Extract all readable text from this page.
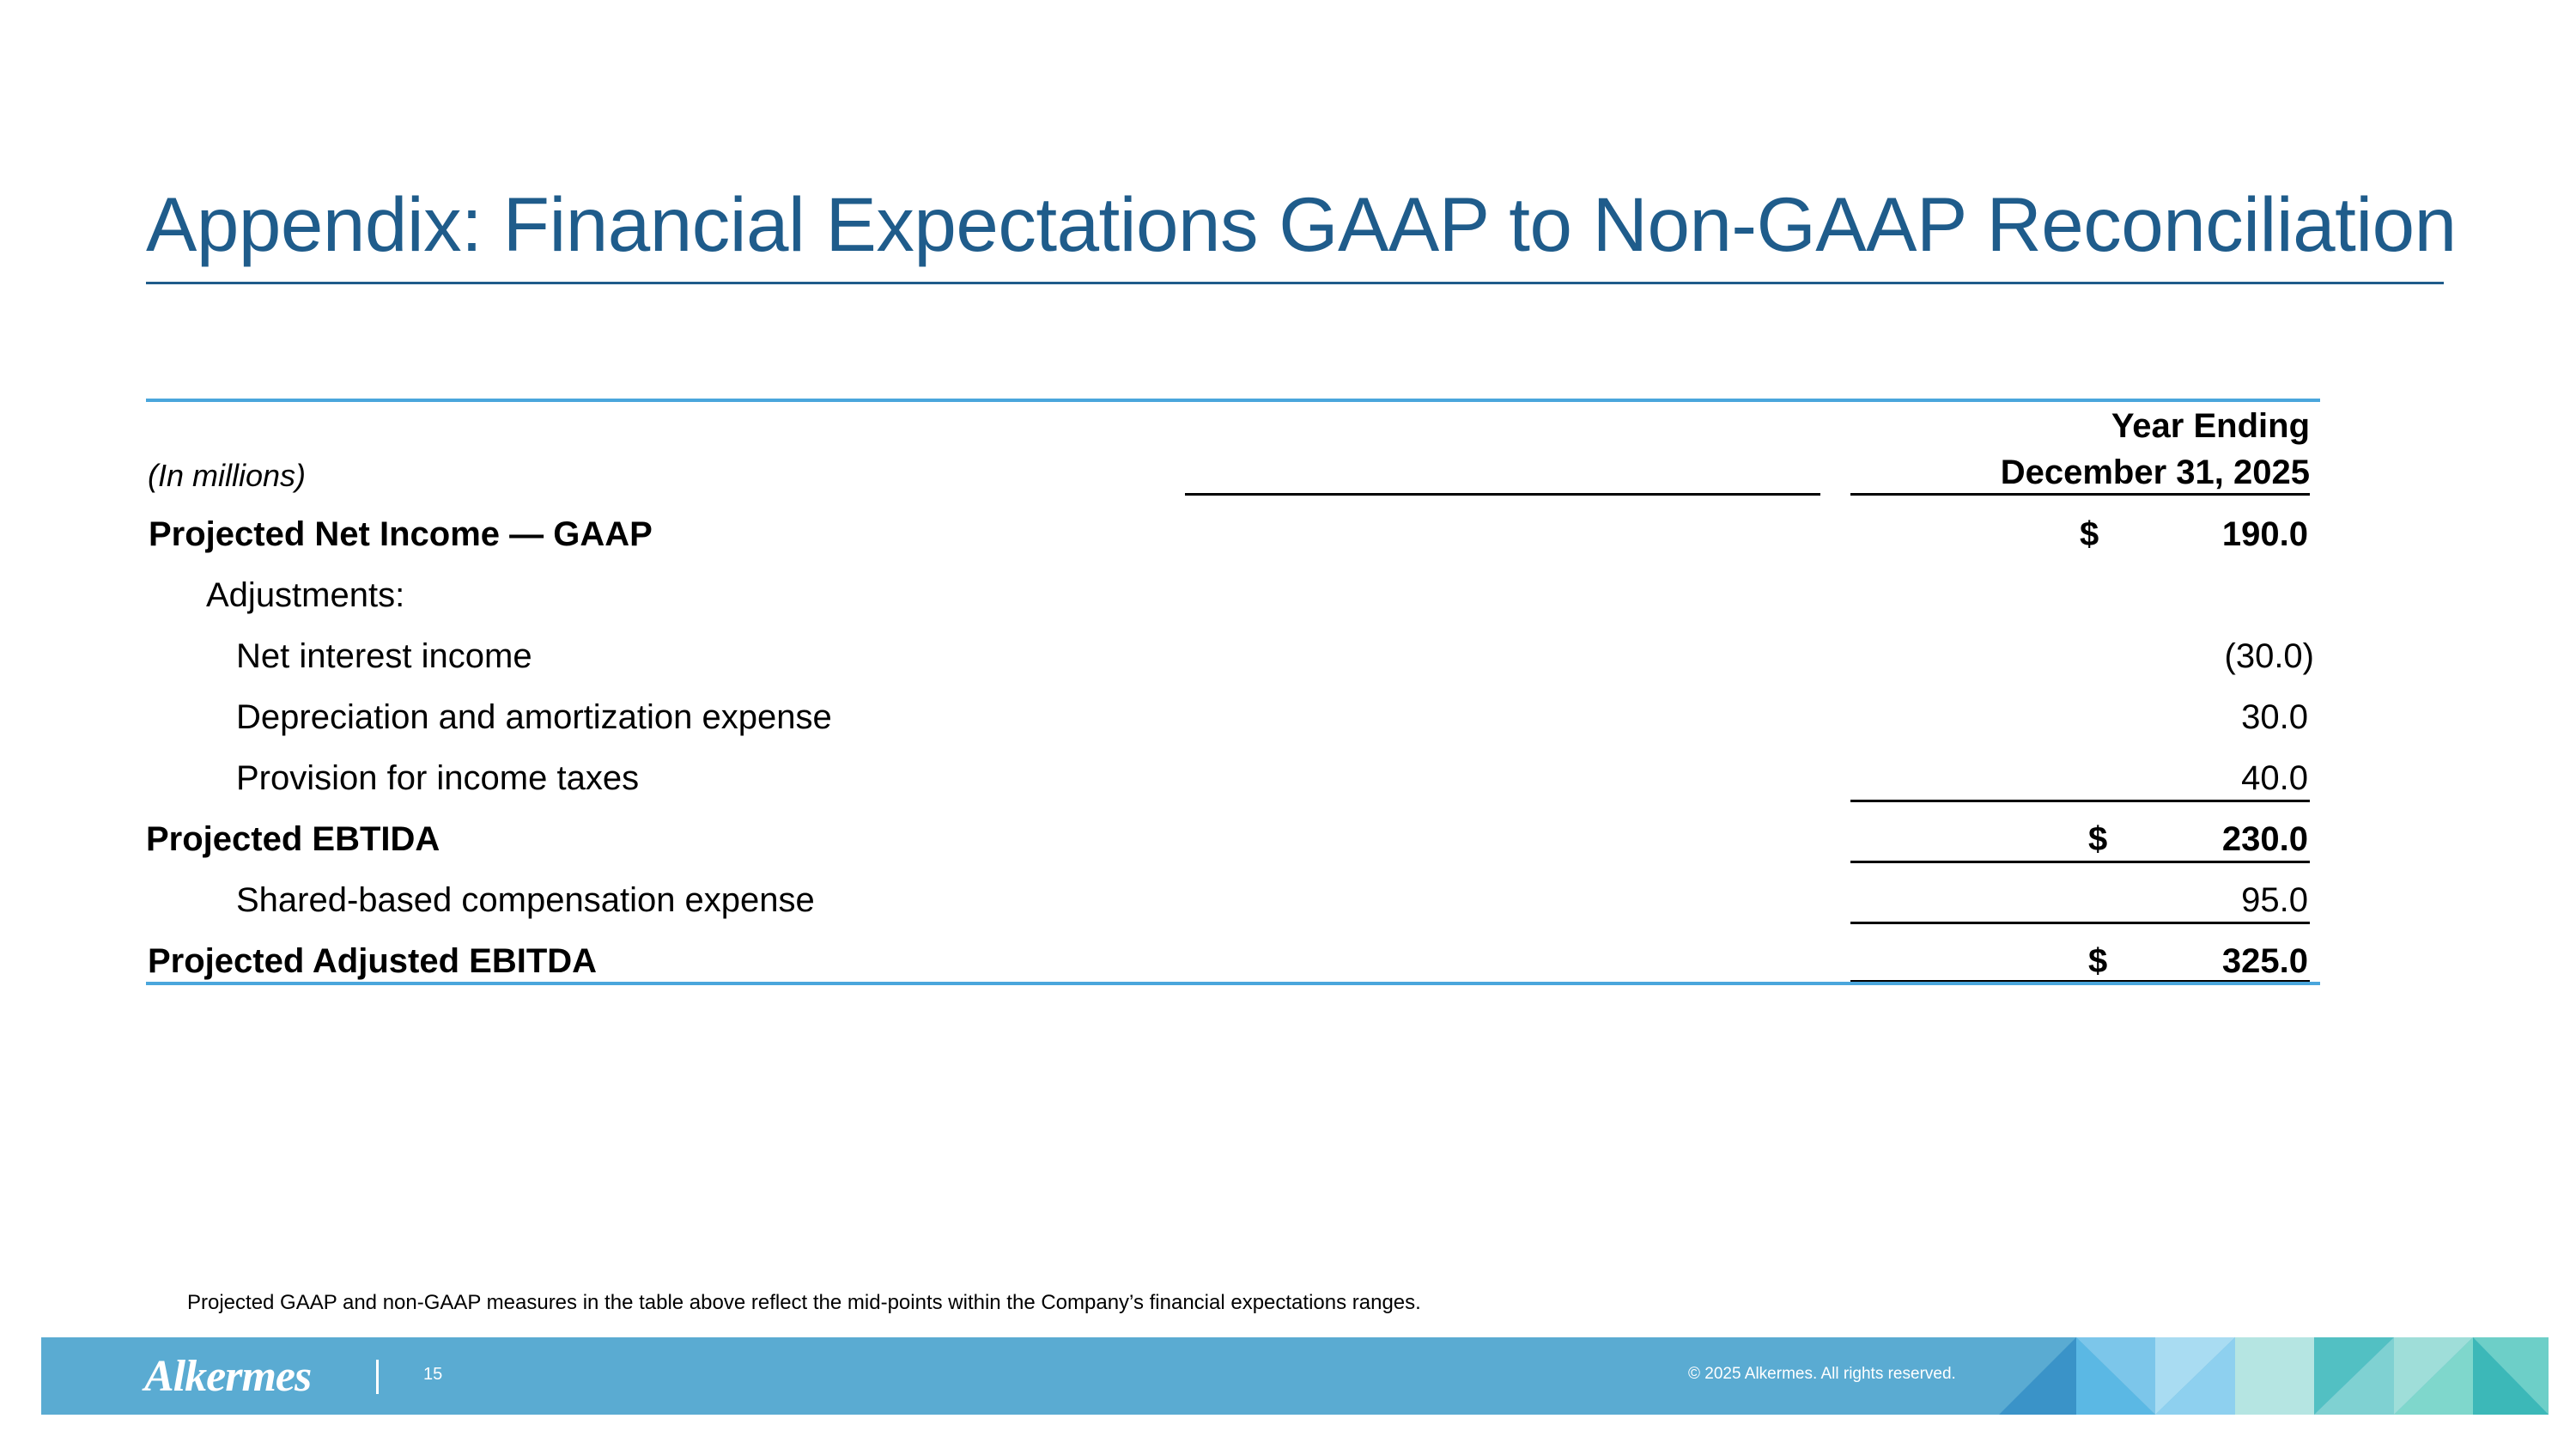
Appendix: Financial Expectations GAAP to Non-GAAP Reconciliation
(In millions)
Year Ending
December 31, 2025
Projected Net Income — GAAP	$	190.0
Adjustments:
Net interest income	(30.0)
Depreciation and amortization expense	30.0
Provision for income taxes	40.0
Projected EBTIDA	$	230.0
Shared-based compensation expense	95.0
Projected Adjusted EBITDA	$	325.0
Projected GAAP and non-GAAP measures in the table above reflect the mid-points within the Company’s financial expectations ranges.
Alkermes	15	© 2025 Alkermes. All rights reserved.
